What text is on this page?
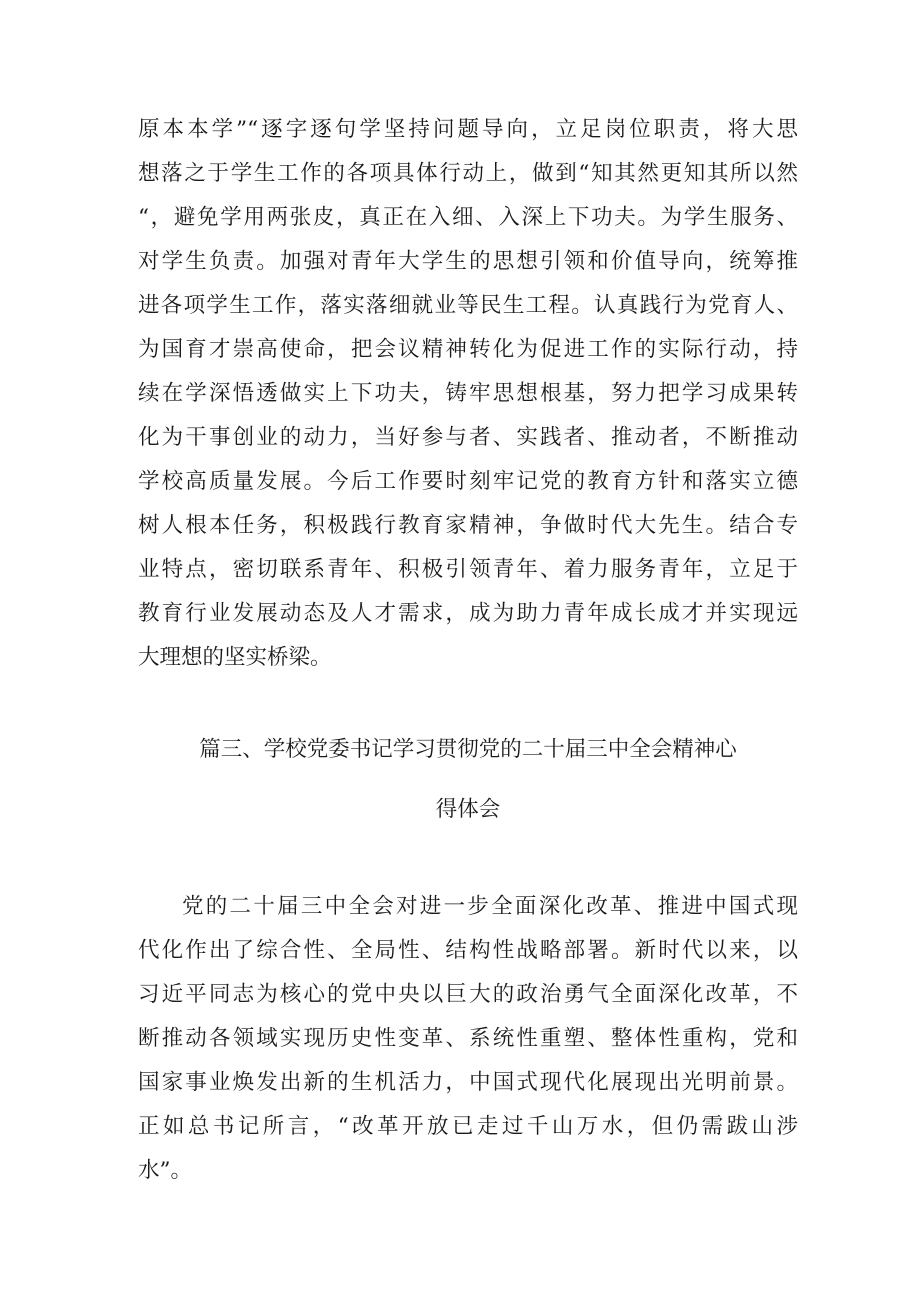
原本本学”“逐字逐句学坚持问题导向，立足岗位职责，将大思
想落之于学生工作的各项具体行动上，做到“知其然更知其所以然
“，避免学用两张皮，真正在入细、入深上下功夫。为学生服务、
对学生负责。加强对青年大学生的思想引领和价值导向，统筹推
进各项学生工作，落实落细就业等民生工程。认真践行为党育人、
为国育才崇高使命，把会议精神转化为促进工作的实际行动，持
续在学深悟透做实上下功夫，铸牢思想根基，努力把学习成果转
化为干事创业的动力，当好参与者、实践者、推动者，不断推动
学校高质量发展。今后工作要时刻牢记党的教育方针和落实立德
树人根本任务，积极践行教育家精神，争做时代大先生。结合专
业特点，密切联系青年、积极引领青年、着力服务青年，立足于
教育行业发展动态及人才需求，成为助力青年成长成才并实现远
大理想的坚实桥梁。
篇三、学校党委书记学习贯彻党的二十届三中全会精神心
得体会
党的二十届三中全会对进一步全面深化改革、推进中国式现
代化作出了综合性、全局性、结构性战略部署。新时代以来，以
习近平同志为核心的党中央以巨大的政治勇气全面深化改革，不
断推动各领域实现历史性变革、系统性重塑、整体性重构，党和
国家事业焕发出新的生机活力，中国式现代化展现出光明前景。
正如总书记所言，“改革开放已走过千山万水，但仍需跋山涉
水”。
